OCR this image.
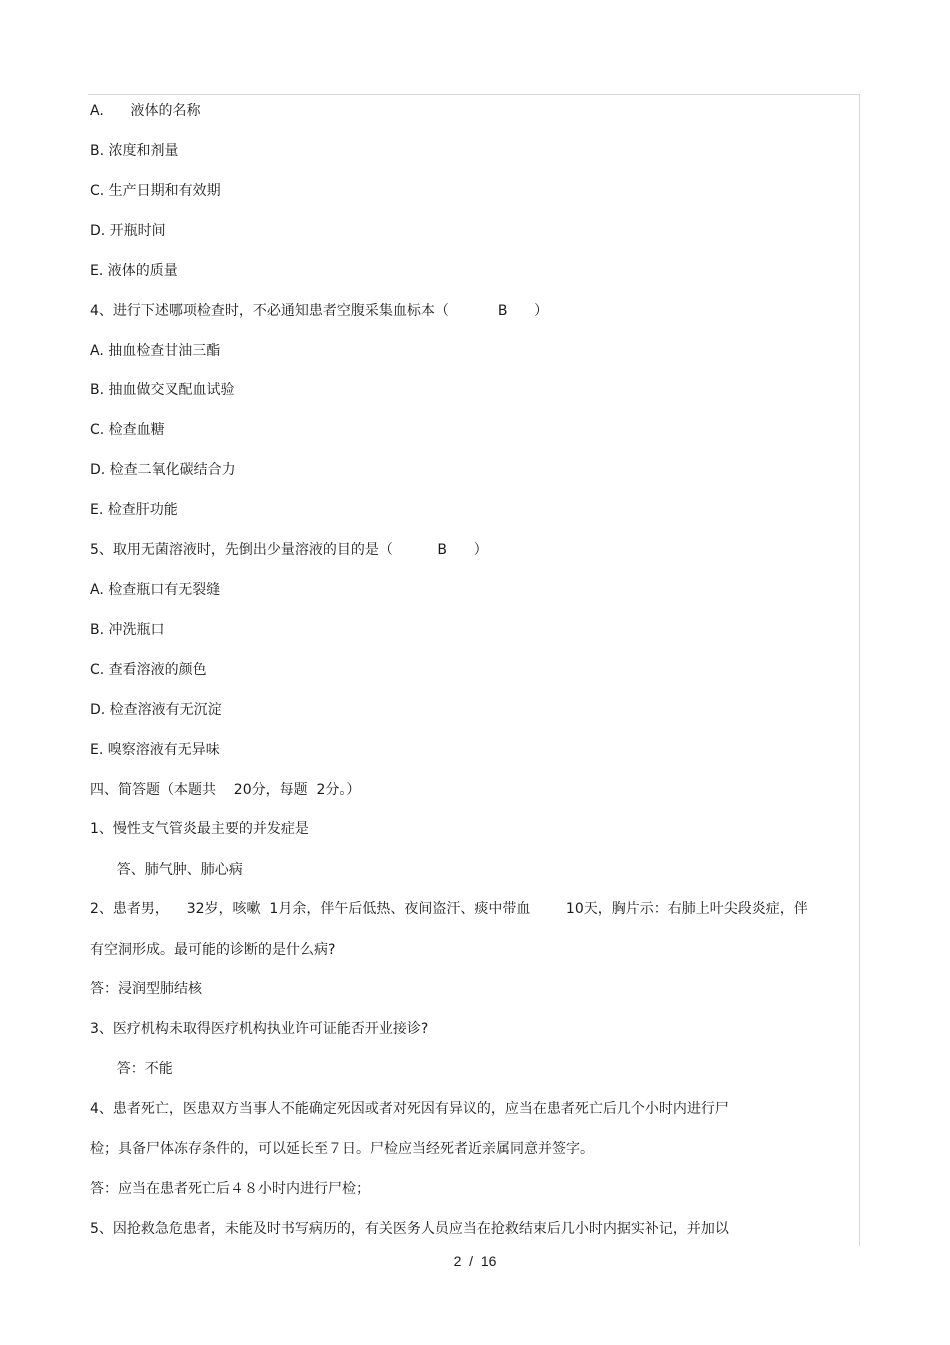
A.      液体的名称
B. 浓度和剂量
C. 生产日期和有效期
D. 开瓶时间
E. 液体的质量
4、进行下述哪项检查时，不必通知患者空腹采集血标本（           B      ）
A. 抽血检查甘油三酯
B. 抽血做交叉配血试验
C. 检查血糖
D. 检查二氧化碳结合力
E. 检查肝功能
5、取用无菌溶液时，先倒出少量溶液的目的是（          B      ）
A. 检查瓶口有无裂缝
B. 冲洗瓶口
C. 查看溶液的颜色
D. 检查溶液有无沉淀
E. 嗅察溶液有无异味
四、简答题（本题共    20分，每题  2分。）
1、慢性支气管炎最主要的并发症是
答、肺气肿、肺心病
2、患者男，    32岁，咳嗽  1月余，伴午后低热、夜间盗汗、痰中带血        10天，胸片示：右肺上叶尖段炎症，伴
有空洞形成。最可能的诊断的是什么病?
答：浸润型肺结核
3、医疗机构未取得医疗机构执业许可证能否开业接诊?
答：不能
4、患者死亡，医患双方当事人不能确定死因或者对死因有异议的，应当在患者死亡后几个小时内进行尸
检；具备尸体冻存条件的，可以延长至７日。尸检应当经死者近亲属同意并签字。
答：应当在患者死亡后４８小时内进行尸检；
5、因抢救急危患者，未能及时书写病历的，有关医务人员应当在抢救结束后几小时内据实补记，并加以
2  /  16
